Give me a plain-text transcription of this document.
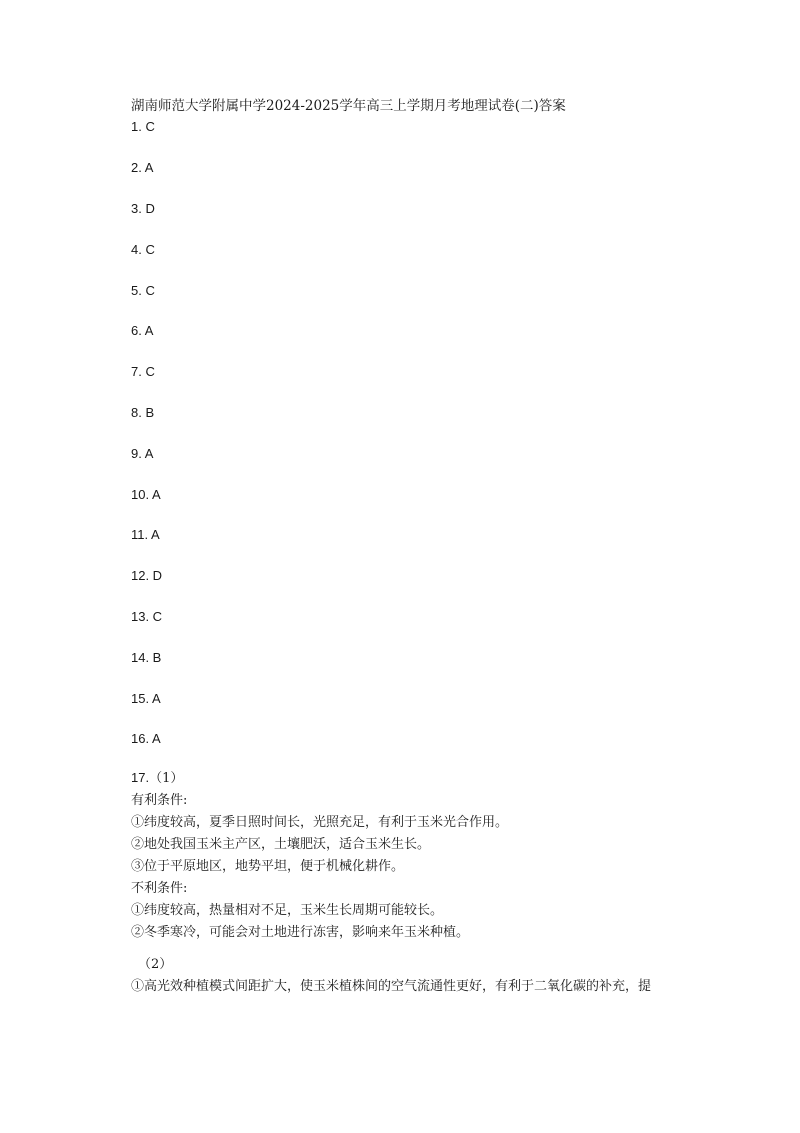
湖南师范大学附属中学2024-2025学年高三上学期月考地理试卷(二)答案
1. C
2. A
3. D
4. C
5. C
6. A
7. C
8. B
9. A
10. A
11. A
12. D
13. C
14. B
15. A
16. A
17.（1）
有利条件:
①纬度较高，夏季日照时间长，光照充足，有利于玉米光合作用。
②地处我国玉米主产区，土壤肥沃，适合玉米生长。
③位于平原地区，地势平坦，便于机械化耕作。
不利条件:
①纬度较高，热量相对不足，玉米生长周期可能较长。
②冬季寒冷，可能会对土地进行冻害，影响来年玉米种植。
（2）
①高光效种植模式间距扩大，使玉米植株间的空气流通性更好，有利于二氧化碳的补充，提
